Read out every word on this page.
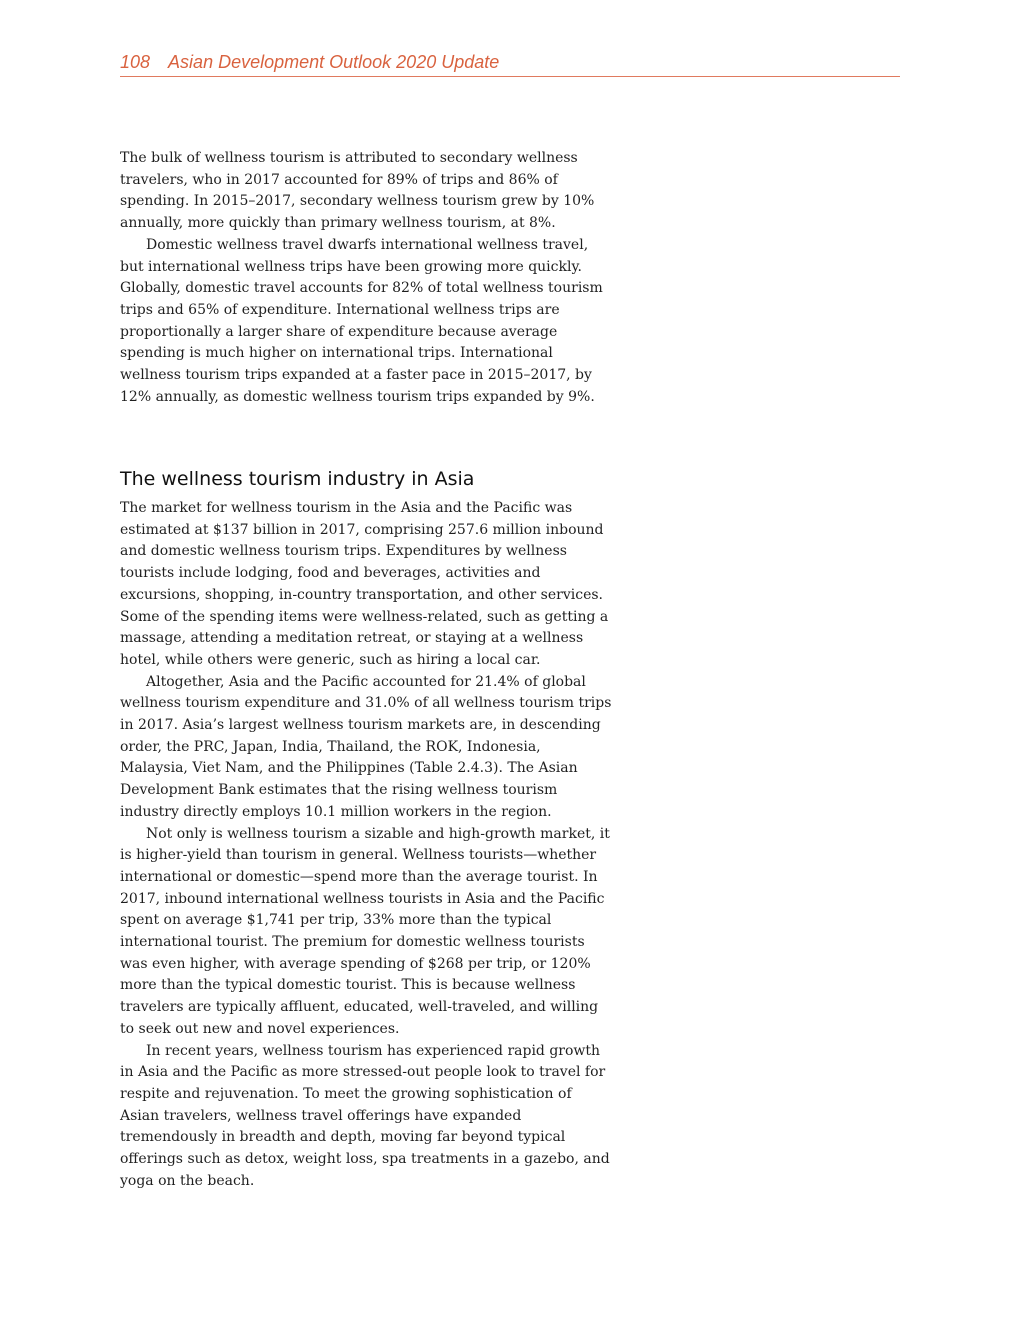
108 Asian Development Outlook 2020 Update

The bulk of wellness tourism is attributed to secondary wellness travelers, who in 2017 accounted for 89% of trips and 86% of spending. In 2015–2017, secondary wellness tourism grew by 10% annually, more quickly than primary wellness tourism, at 8%.

Domestic wellness travel dwarfs international wellness travel, but international wellness trips have been growing more quickly. Globally, domestic travel accounts for 82% of total wellness tourism trips and 65% of expenditure. International wellness trips are proportionally a larger share of expenditure because average spending is much higher on international trips. International wellness tourism trips expanded at a faster pace in 2015–2017, by 12% annually, as domestic wellness tourism trips expanded by 9%.

The wellness tourism industry in Asia

The market for wellness tourism in the Asia and the Pacific was estimated at $137 billion in 2017, comprising 257.6 million inbound and domestic wellness tourism trips. Expenditures by wellness tourists include lodging, food and beverages, activities and excursions, shopping, in-country transportation, and other services. Some of the spending items were wellness-related, such as getting a massage, attending a meditation retreat, or staying at a wellness hotel, while others were generic, such as hiring a local car.

Altogether, Asia and the Pacific accounted for 21.4% of global wellness tourism expenditure and 31.0% of all wellness tourism trips in 2017. Asia’s largest wellness tourism markets are, in descending order, the PRC, Japan, India, Thailand, the ROK, Indonesia, Malaysia, Viet Nam, and the Philippines (Table 2.4.3). The Asian Development Bank estimates that the rising wellness tourism industry directly employs 10.1 million workers in the region.

Not only is wellness tourism a sizable and high-growth market, it is higher-yield than tourism in general. Wellness tourists—whether international or domestic—spend more than the average tourist. In 2017, inbound international wellness tourists in Asia and the Pacific spent on average $1,741 per trip, 33% more than the typical international tourist. The premium for domestic wellness tourists was even higher, with average spending of $268 per trip, or 120% more than the typical domestic tourist. This is because wellness travelers are typically affluent, educated, well-traveled, and willing to seek out new and novel experiences.

In recent years, wellness tourism has experienced rapid growth in Asia and the Pacific as more stressed-out people look to travel for respite and rejuvenation. To meet the growing sophistication of Asian travelers, wellness travel offerings have expanded tremendously in breadth and depth, moving far beyond typical offerings such as detox, weight loss, spa treatments in a gazebo, and yoga on the beach.
